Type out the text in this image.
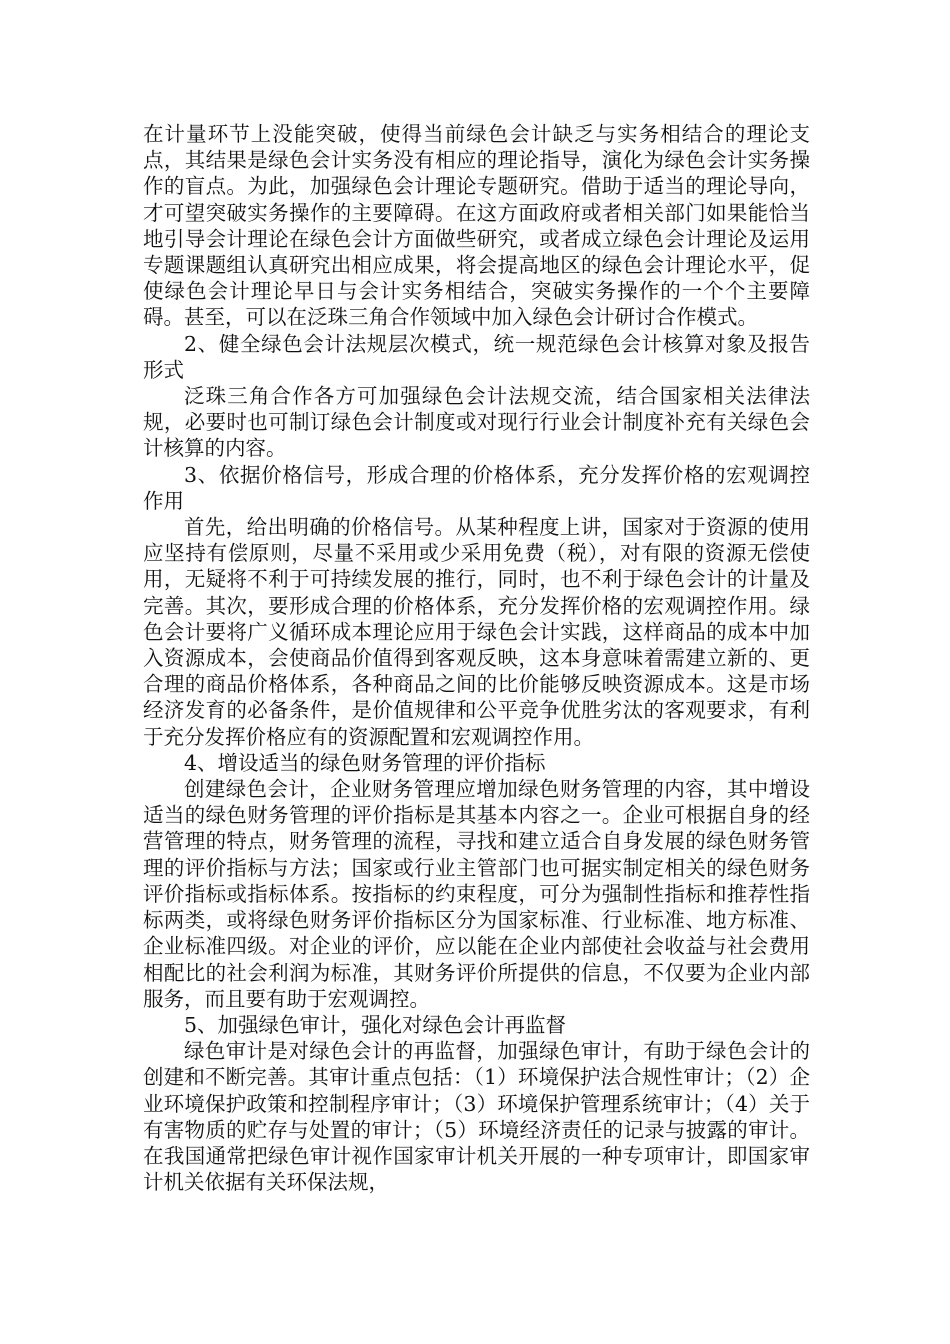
在计量环节上没能突破，使得当前绿色会计缺乏与实务相结合的理论支点，其结果是绿色会计实务没有相应的理论指导，演化为绿色会计实务操作的盲点。为此，加强绿色会计理论专题研究。借助于适当的理论导向，才可望突破实务操作的主要障碍。在这方面政府或者相关部门如果能恰当地引导会计理论在绿色会计方面做些研究，或者成立绿色会计理论及运用专题课题组认真研究出相应成果，将会提高地区的绿色会计理论水平，促使绿色会计理论早日与会计实务相结合，突破实务操作的一个个主要障碍。甚至，可以在泛珠三角合作领域中加入绿色会计研讨合作模式。

2、健全绿色会计法规层次模式，统一规范绿色会计核算对象及报告形式

泛珠三角合作各方可加强绿色会计法规交流，结合国家相关法律法规，必要时也可制订绿色会计制度或对现行行业会计制度补充有关绿色会计核算的内容。

3、依据价格信号，形成合理的价格体系，充分发挥价格的宏观调控作用

首先，给出明确的价格信号。从某种程度上讲，国家对于资源的使用应坚持有偿原则，尽量不采用或少采用免费（税），对有限的资源无偿使用，无疑将不利于可持续发展的推行，同时，也不利于绿色会计的计量及完善。其次，要形成合理的价格体系，充分发挥价格的宏观调控作用。绿色会计要将广义循环成本理论应用于绿色会计实践，这样商品的成本中加入资源成本，会使商品价值得到客观反映，这本身意味着需建立新的、更合理的商品价格体系，各种商品之间的比价能够反映资源成本。这是市场经济发育的必备条件，是价值规律和公平竞争优胜劣汰的客观要求，有利于充分发挥价格应有的资源配置和宏观调控作用。

4、增设适当的绿色财务管理的评价指标

创建绿色会计，企业财务管理应增加绿色财务管理的内容，其中增设适当的绿色财务管理的评价指标是其基本内容之一。企业可根据自身的经营管理的特点，财务管理的流程，寻找和建立适合自身发展的绿色财务管理的评价指标与方法；国家或行业主管部门也可据实制定相关的绿色财务评价指标或指标体系。按指标的约束程度，可分为强制性指标和推荐性指标两类，或将绿色财务评价指标区分为国家标准、行业标准、地方标准、企业标准四级。对企业的评价，应以能在企业内部使社会收益与社会费用相配比的社会利润为标准，其财务评价所提供的信息，不仅要为企业内部服务，而且要有助于宏观调控。

5、加强绿色审计，强化对绿色会计再监督

绿色审计是对绿色会计的再监督，加强绿色审计，有助于绿色会计的创建和不断完善。其审计重点包括：（1）环境保护法合规性审计；（2）企业环境保护政策和控制程序审计；（3）环境保护管理系统审计；（4）关于有害物质的贮存与处置的审计；（5）环境经济责任的记录与披露的审计。在我国通常把绿色审计视作国家审计机关开展的一种专项审计，即国家审计机关依据有关环保法规，
